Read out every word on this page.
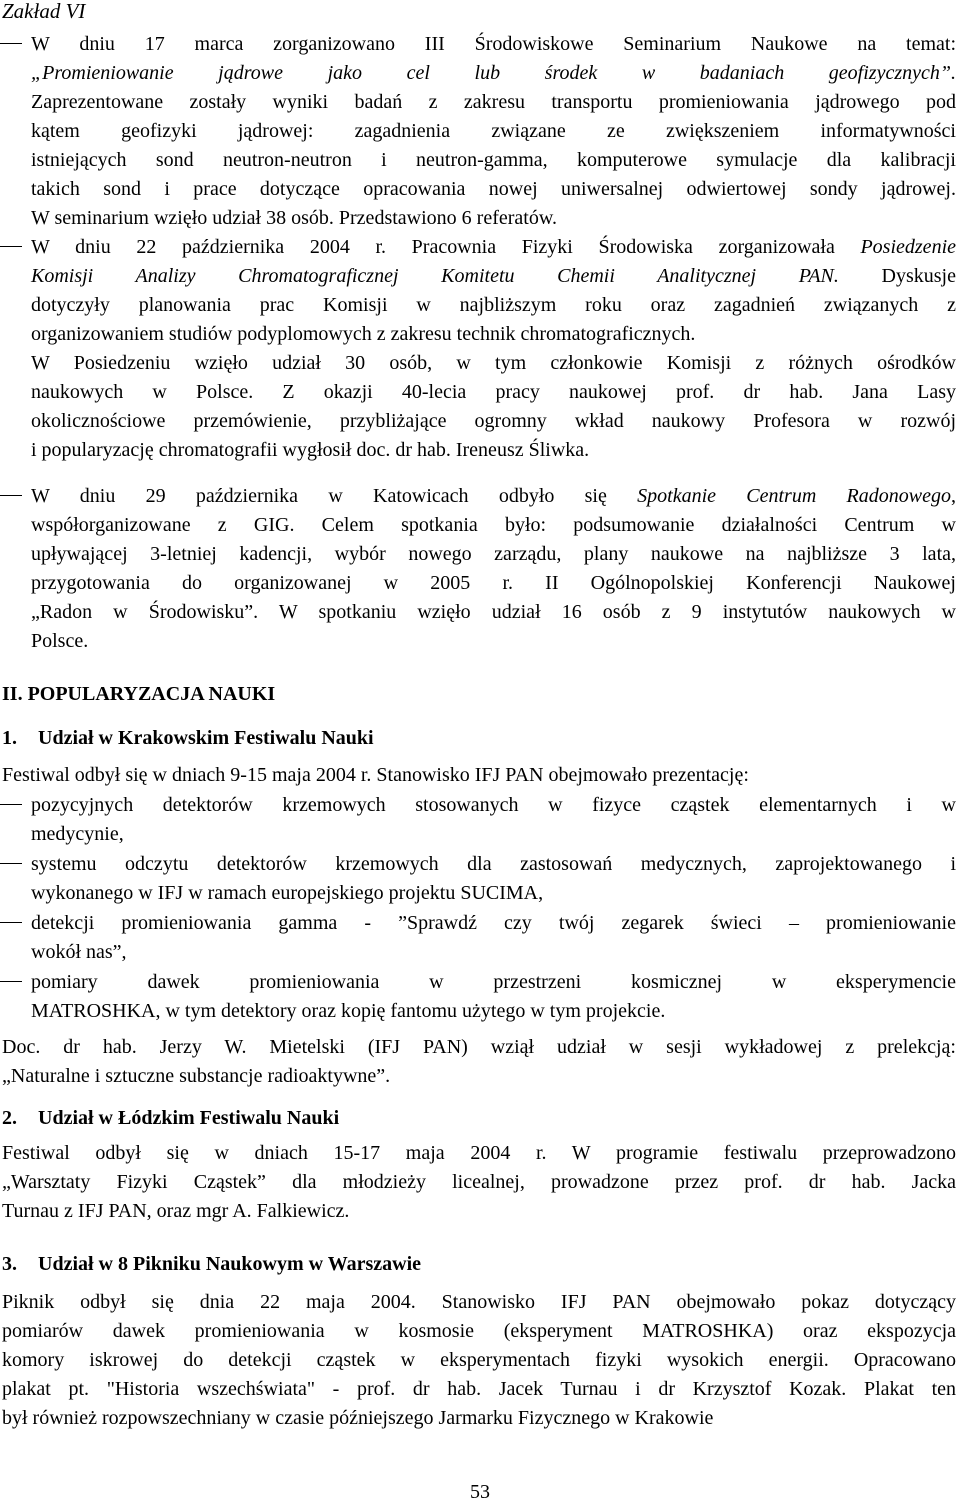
Zakład VI
W dniu 17 marca zorganizowano III Środowiskowe Seminarium Naukowe na temat:
„Promieniowanie jądrowe jako cel lub środek w badaniach geofizycznych”.
Zaprezentowane zostały wyniki badań z zakresu transportu promieniowania jądrowego pod
kątem geofizyki jądrowej: zagadnienia związane ze zwiększeniem informatywności
istniejących sond neutron-neutron i neutron-gamma, komputerowe symulacje dla kalibracji
takich sond i prace dotyczące opracowania nowej uniwersalnej odwiertowej sondy jądrowej.
W seminarium wzięło udział 38 osób. Przedstawiono 6 referatów.
W dniu 22 października 2004 r. Pracownia Fizyki Środowiska zorganizowała Posiedzenie
Komisji Analizy Chromatograficznej Komitetu Chemii Analitycznej PAN. Dyskusje
dotyczyły planowania prac Komisji w najbliższym roku oraz zagadnień związanych z
organizowaniem studiów podyplomowych z zakresu technik chromatograficznych.
W Posiedzeniu wzięło udział 30 osób, w tym członkowie Komisji z różnych ośrodków
naukowych w Polsce. Z okazji 40-lecia pracy naukowej prof. dr hab. Jana Lasy
okolicznościowe przemówienie, przybliżające ogromny wkład naukowy Profesora w rozwój
i popularyzację chromatografii wygłosił doc. dr hab. Ireneusz Śliwka.
W dniu 29 października w Katowicach odbyło się Spotkanie Centrum Radonowego,
współorganizowane z GIG. Celem spotkania było: podsumowanie działalności Centrum w
upływającej 3-letniej kadencji, wybór nowego zarządu, plany naukowe na najbliższe 3 lata,
przygotowania do organizowanej w 2005 r. II Ogólnopolskiej Konferencji Naukowej
„Radon w Środowisku”. W spotkaniu wzięło udział 16 osób z 9 instytutów naukowych w
Polsce.
II. POPULARYZACJA NAUKI
1. Udział w Krakowskim Festiwalu Nauki
Festiwal odbył się w dniach 9-15 maja 2004 r. Stanowisko IFJ PAN obejmowało prezentację:
pozycyjnych detektorów krzemowych stosowanych w fizyce cząstek elementarnych i w
medycynie,
systemu odczytu detektorów krzemowych dla zastosowań medycznych, zaprojektowanego i
wykonanego w IFJ w ramach europejskiego projektu SUCIMA,
detekcji promieniowania gamma - ”Sprawdź czy twój zegarek świeci – promieniowanie
wokół nas”,
pomiary dawek promieniowania w przestrzeni kosmicznej w eksperymencie
MATROSHKA, w tym detektory oraz kopię fantomu użytego w tym projekcie.
Doc. dr hab. Jerzy W. Mietelski (IFJ PAN) wziął udział w sesji wykładowej z prelekcją:
„Naturalne i sztuczne substancje radioaktywne”.
2. Udział w Łódzkim Festiwalu Nauki
Festiwal odbył się w dniach 15-17 maja 2004 r. W programie festiwalu przeprowadzono
„Warsztaty Fizyki Cząstek” dla młodzieży licealnej, prowadzone przez prof. dr hab. Jacka
Turnau z IFJ PAN, oraz mgr A. Falkiewicz.
3. Udział w 8 Pikniku Naukowym w Warszawie
Piknik odbył się dnia 22 maja 2004. Stanowisko IFJ PAN obejmowało pokaz dotyczący
pomiarów dawek promieniowania w kosmosie (eksperyment MATROSHKA) oraz ekspozycja
komory iskrowej do detekcji cząstek w eksperymentach fizyki wysokich energii. Opracowano
plakat pt. "Historia wszechświata" - prof. dr hab. Jacek Turnau i dr Krzysztof Kozak. Plakat ten
był również rozpowszechniany w czasie późniejszego Jarmarku Fizycznego w Krakowie
53
